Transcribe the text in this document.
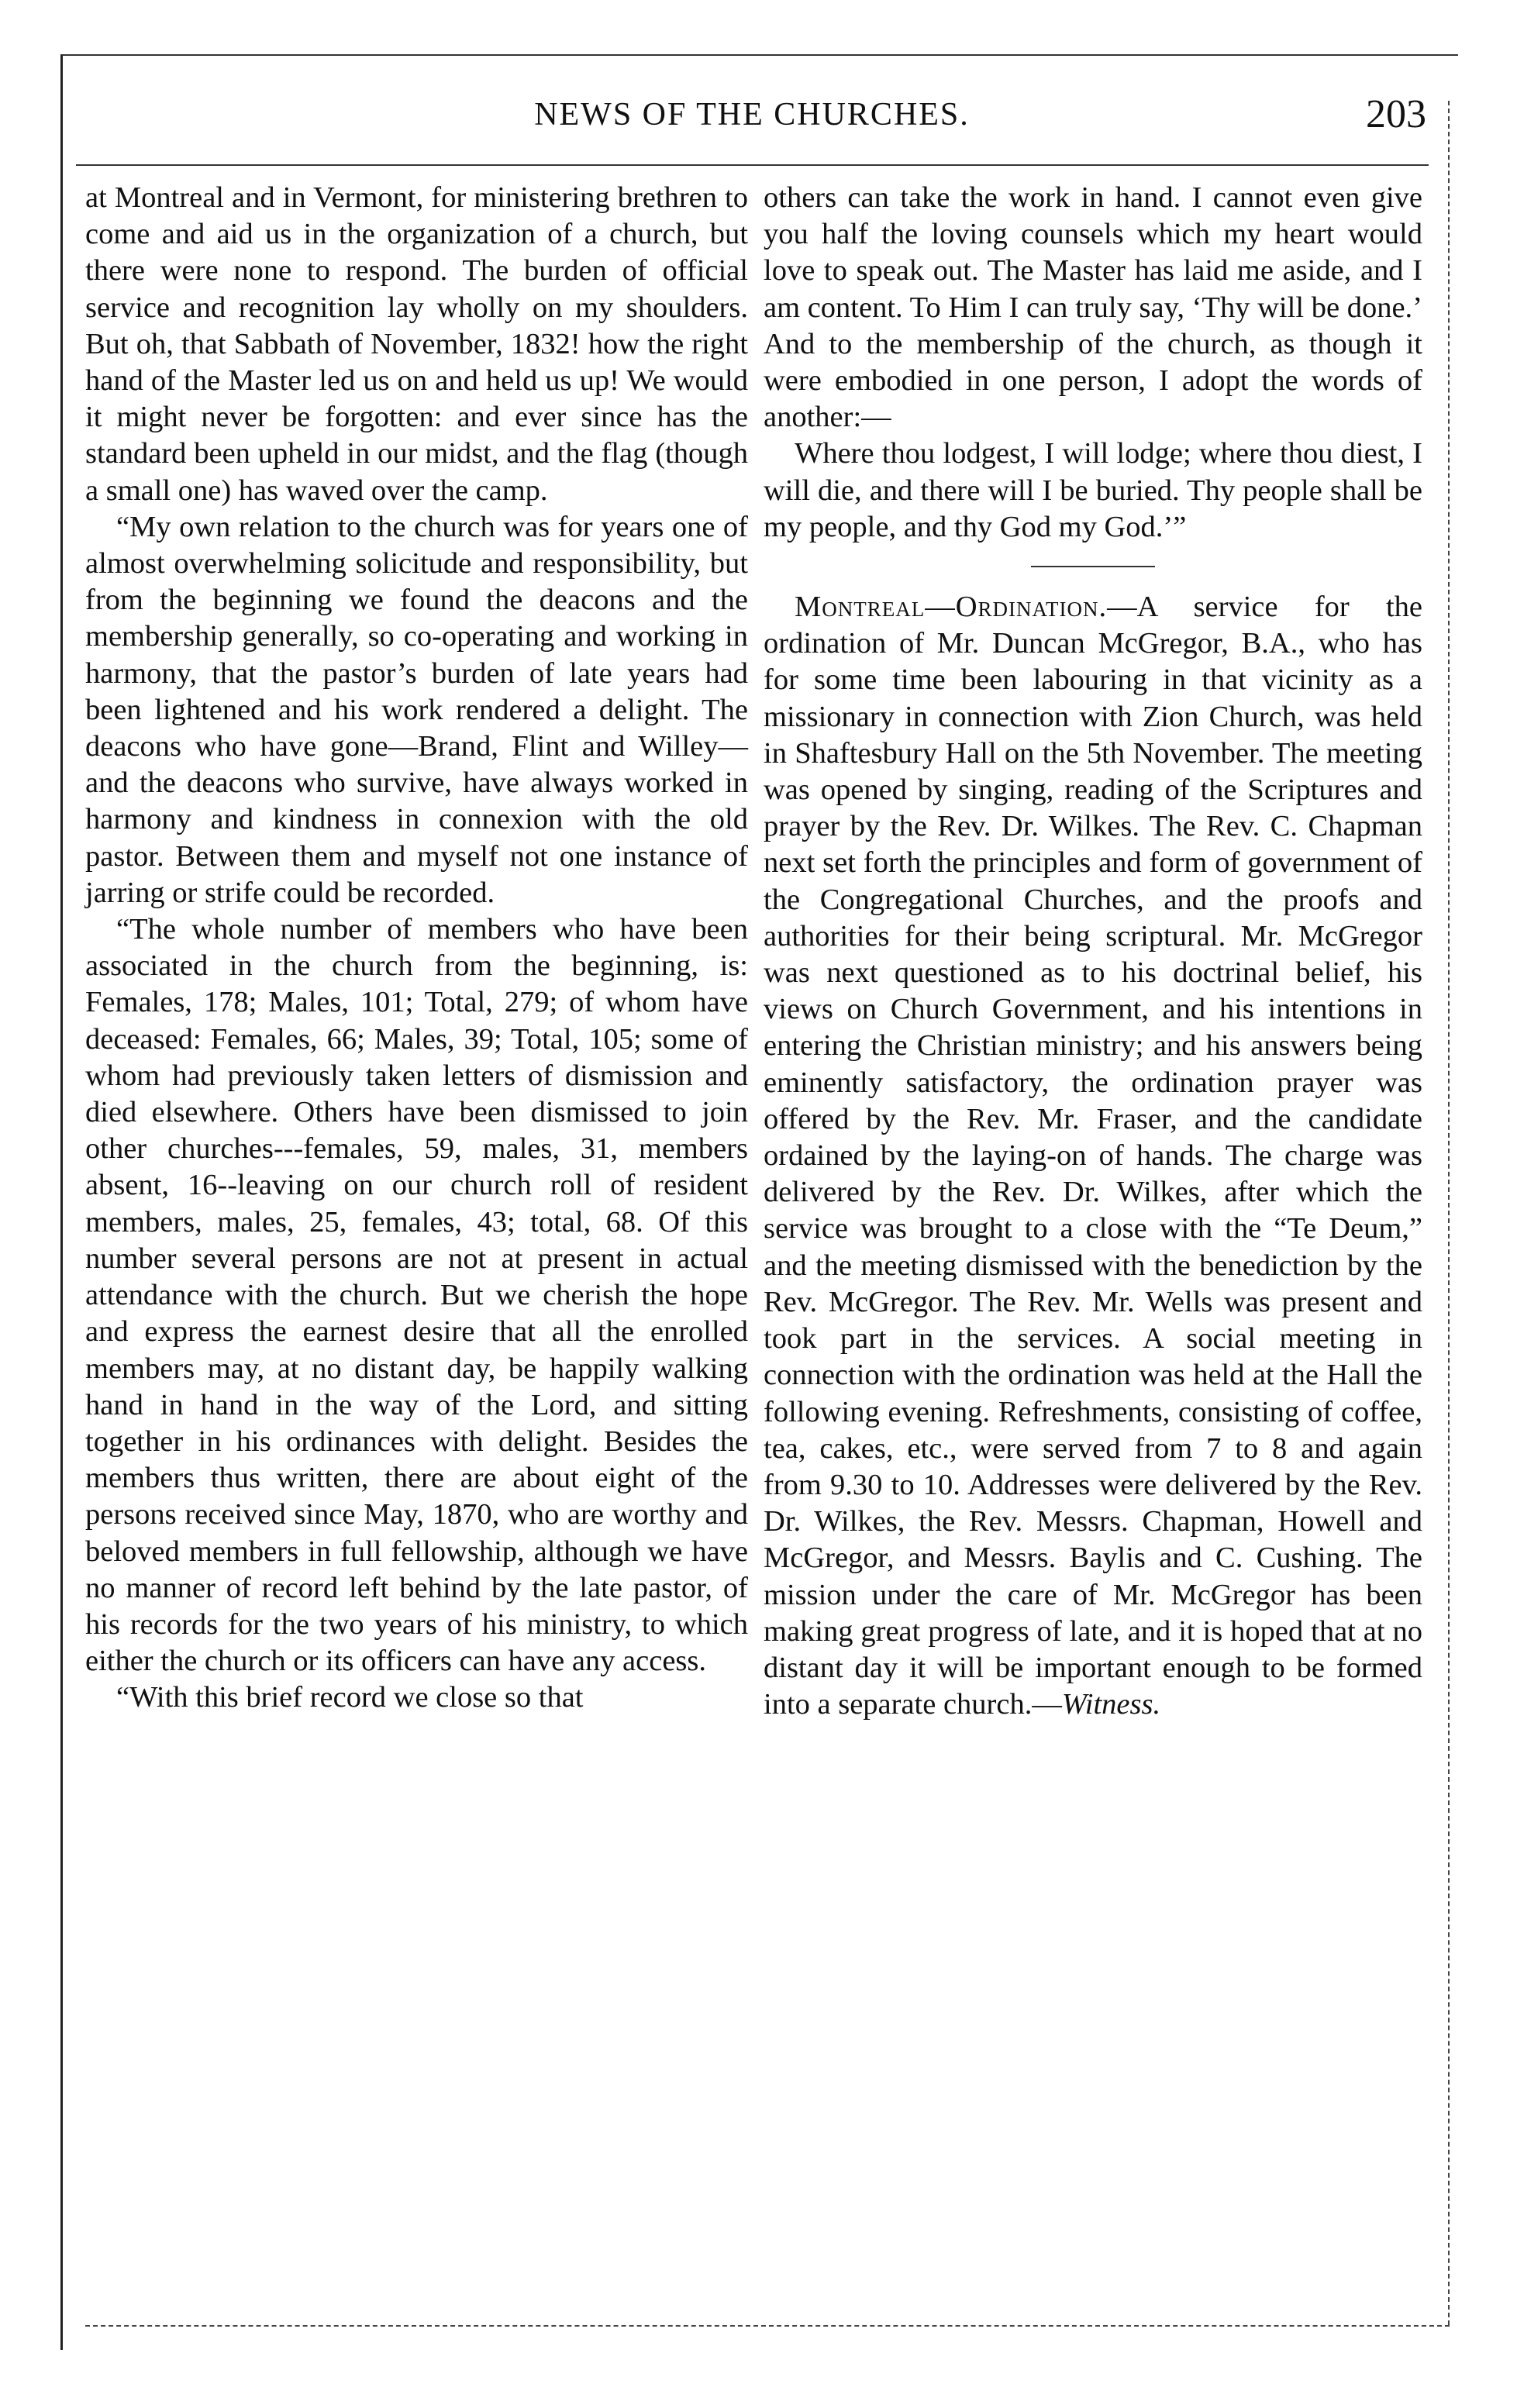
NEWS OF THE CHURCHES.	203

at Montreal and in Vermont, for ministering brethren to come and aid us in the organization of a church, but there were none to respond. The burden of official service and recognition lay wholly on my shoulders. But oh, that Sabbath of November, 1832! how the right hand of the Master led us on and held us up! We would it might never be forgotten: and ever since has the standard been upheld in our midst, and the flag (though a small one) has waved over the camp.

“My own relation to the church was for years one of almost overwhelming solicitude and responsibility, but from the beginning we found the deacons and the membership generally, so co-operating and working in harmony, that the pastor’s burden of late years had been lightened and his work rendered a delight. The deacons who have gone—Brand, Flint and Willey—and the deacons who survive, have always worked in harmony and kindness in connexion with the old pastor. Between them and myself not one instance of jarring or strife could be recorded.

“The whole number of members who have been associated in the church from the beginning, is: Females, 178; Males, 101; Total, 279; of whom have deceased: Females, 66; Males, 39; Total, 105; some of whom had previously taken letters of dismission and died elsewhere. Others have been dismissed to join other churches---females, 59, males, 31, members absent, 16--leaving on our church roll of resident members, males, 25, females, 43; total, 68. Of this number several persons are not at present in actual attendance with the church. But we cherish the hope and express the earnest desire that all the enrolled members may, at no distant day, be happily walking hand in hand in the way of the Lord, and sitting together in his ordinances with delight. Besides the members thus written, there are about eight of the persons received since May, 1870, who are worthy and beloved members in full fellowship, although we have no manner of record left behind by the late pastor, of his records for the two years of his ministry, to which either the church or its officers can have any access.

“With this brief record we close so that

others can take the work in hand. I cannot even give you half the loving counsels which my heart would love to speak out. The Master has laid me aside, and I am content. To Him I can truly say, ‘Thy will be done.’ And to the membership of the church, as though it were embodied in one person, I adopt the words of another:—

Where thou lodgest, I will lodge; where thou diest, I will die, and there will I be buried. Thy people shall be my people, and thy God my God.’”

Montreal—Ordination.—A service for the ordination of Mr. Duncan McGregor, B.A., who has for some time been labouring in that vicinity as a missionary in connection with Zion Church, was held in Shaftesbury Hall on the 5th November. The meeting was opened by singing, reading of the Scriptures and prayer by the Rev. Dr. Wilkes. The Rev. C. Chapman next set forth the principles and form of government of the Congregational Churches, and the proofs and authorities for their being scriptural. Mr. McGregor was next questioned as to his doctrinal belief, his views on Church Government, and his intentions in entering the Christian ministry; and his answers being eminently satisfactory, the ordination prayer was offered by the Rev. Mr. Fraser, and the candidate ordained by the laying-on of hands. The charge was delivered by the Rev. Dr. Wilkes, after which the service was brought to a close with the “Te Deum,” and the meeting dismissed with the benediction by the Rev. McGregor. The Rev. Mr. Wells was present and took part in the services. A social meeting in connection with the ordination was held at the Hall the following evening. Refreshments, consisting of coffee, tea, cakes, etc., were served from 7 to 8 and again from 9.30 to 10. Addresses were delivered by the Rev. Dr. Wilkes, the Rev. Messrs. Chapman, Howell and McGregor, and Messrs. Baylis and C. Cushing. The mission under the care of Mr. McGregor has been making great progress of late, and it is hoped that at no distant day it will be important enough to be formed into a separate church.—Witness.
